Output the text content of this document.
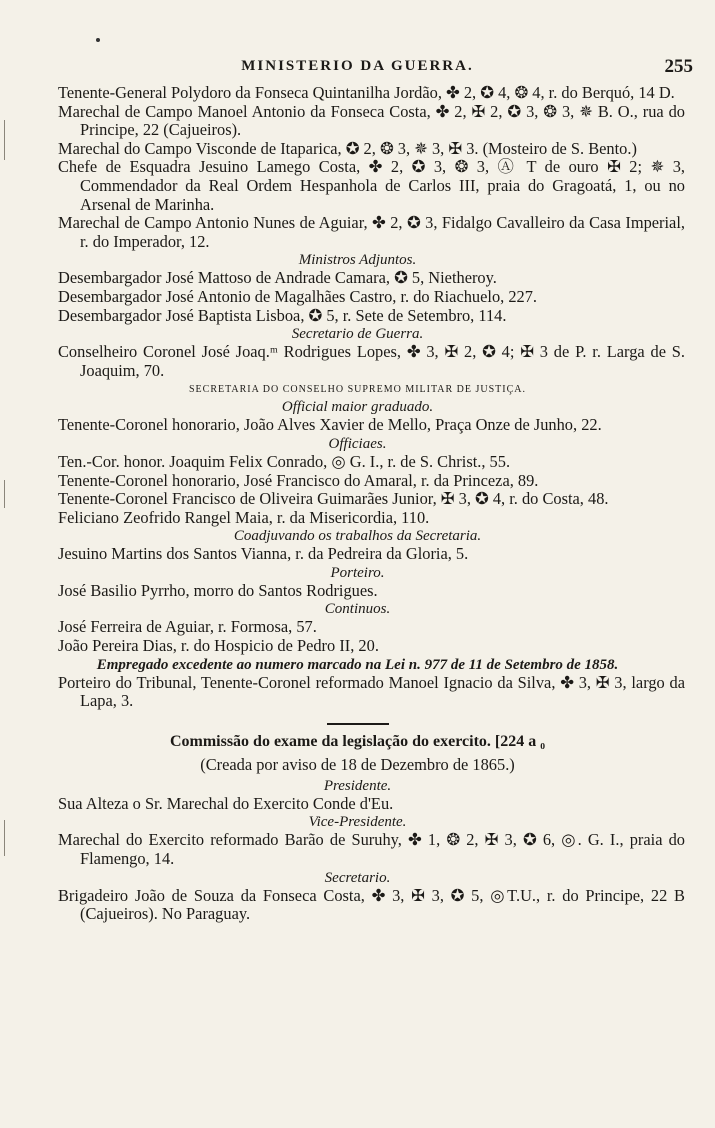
MINISTERIO DA GUERRA.	255
Tenente-General Polydoro da Fonseca Quintanilha Jordão, ✤ 2, ✪ 4, ❂ 4, r. do Berquó, 14 D.
Marechal de Campo Manoel Antonio da Fonseca Costa, ✤ 2, ✠ 2, ✪ 3, ❂ 3, ✵ B. O., rua do Principe, 22 (Cajueiros).
Marechal do Campo Visconde de Itaparica, ✪ 2, ❂ 3, ✵ 3, ✠ 3. (Mosteiro de S. Bento.)
Chefe de Esquadra Jesuino Lamego Costa, ✤ 2, ✪ 3, ❂ 3, Ⓐ T de ouro ✠ 2; ✵ 3, Commendador da Real Ordem Hespanhola de Carlos III, praia do Gragoatá, 1, ou no Arsenal de Marinha.
Marechal de Campo Antonio Nunes de Aguiar, ✤ 2, ✪ 3, Fidalgo Cavalleiro da Casa Imperial, r. do Imperador, 12.
Ministros Adjuntos.
Desembargador José Mattoso de Andrade Camara, ✪ 5, Nietheroy.
Desembargador José Antonio de Magalhães Castro, r. do Riachuelo, 227.
Desembargador José Baptista Lisboa, ✪ 5, r. Sete de Setembro, 114.
Secretario de Guerra.
Conselheiro Coronel José Joaq.ᵐ Rodrigues Lopes, ✤ 3, ✠ 2, ✪ 4; ✠ 3 de P. r. Larga de S. Joaquim, 70.
SECRETARIA DO CONSELHO SUPREMO MILITAR DE JUSTIÇA.
Official maior graduado.
Tenente-Coronel honorario, João Alves Xavier de Mello, Praça Onze de Junho, 22.
Officiaes.
Ten.-Cor. honor. Joaquim Felix Conrado, ◎ G. I., r. de S. Christ., 55.
Tenente-Coronel honorario, José Francisco do Amaral, r. da Princeza, 89.
Tenente-Coronel Francisco de Oliveira Guimarães Junior, ✠ 3, ✪ 4, r. do Costa, 48.
Feliciano Zeofrido Rangel Maia, r. da Misericordia, 110.
Coadjuvando os trabalhos da Secretaria.
Jesuino Martins dos Santos Vianna, r. da Pedreira da Gloria, 5.
Porteiro.
José Basilio Pyrrho, morro do Santos Rodrigues.
Continuos.
José Ferreira de Aguiar, r. Formosa, 57.
João Pereira Dias, r. do Hospicio de Pedro II, 20.
Empregado excedente ao numero marcado na Lei n. 977 de 11 de Setembro de 1858.
Porteiro do Tribunal, Tenente-Coronel reformado Manoel Ignacio da Silva, ✤ 3, ✠ 3, largo da Lapa, 3.
Commissão do exame da legislação do exercito. [224 a ₀
(Creada por aviso de 18 de Dezembro de 1865.)
Presidente.
Sua Alteza o Sr. Marechal do Exercito Conde d'Eu.
Vice-Presidente.
Marechal do Exercito reformado Barão de Suruhy, ✤ 1, ❂ 2, ✠ 3, ✪ 6, ◎. G. I., praia do Flamengo, 14.
Secretario.
Brigadeiro João de Souza da Fonseca Costa, ✤ 3, ✠ 3, ✪ 5, ◎T.U., r. do Principe, 22 B (Cajueiros). No Paraguay.
